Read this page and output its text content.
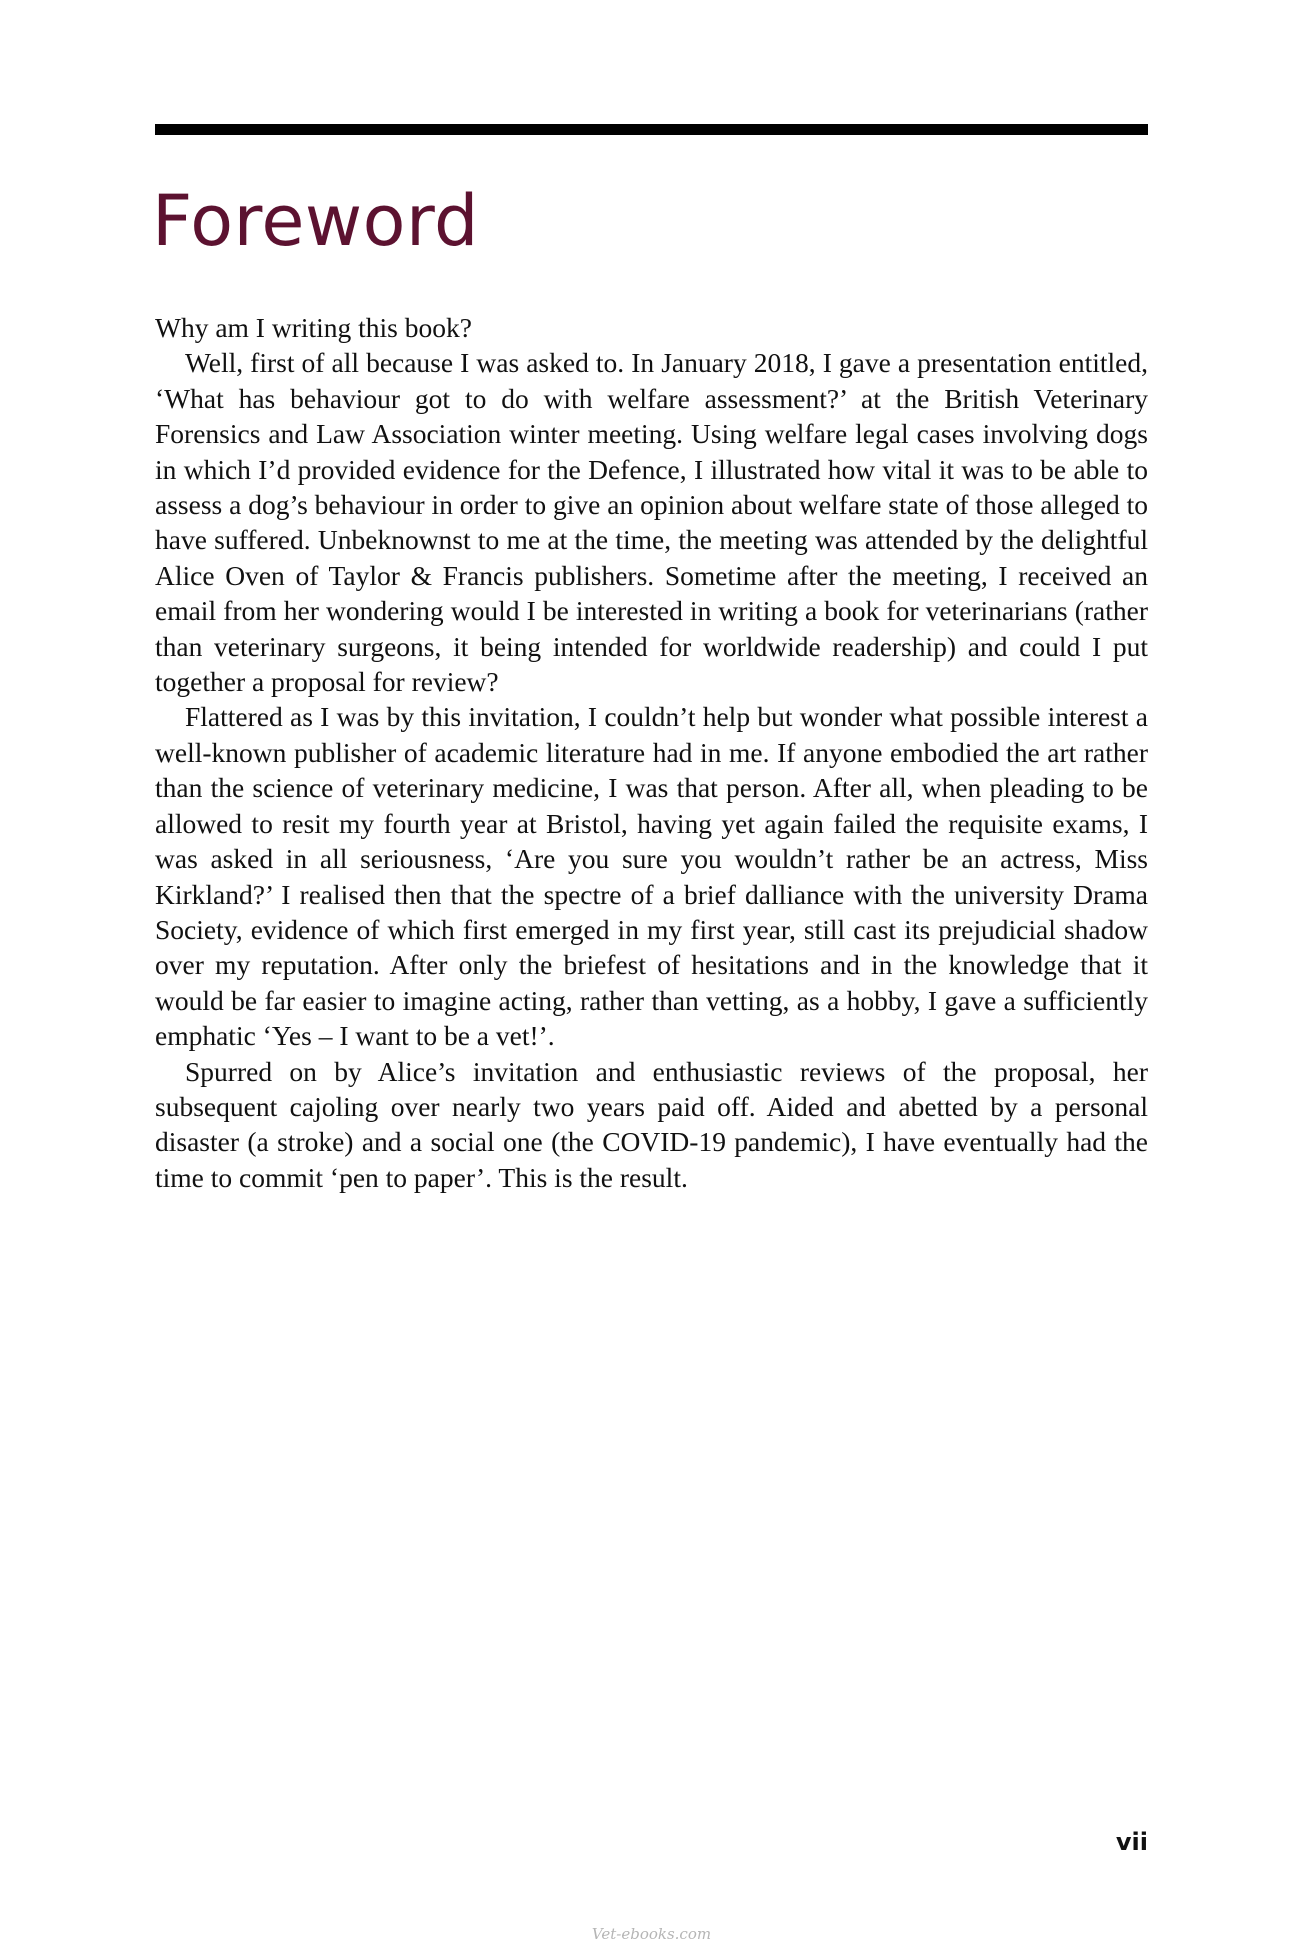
Foreword

Why am I writing this book?

Well, first of all because I was asked to. In January 2018, I gave a presentation entitled, ‘What has behaviour got to do with welfare assessment?’ at the British Veterinary Forensics and Law Association winter meeting. Using welfare legal cases involving dogs in which I’d provided evidence for the Defence, I illustrated how vital it was to be able to assess a dog’s behaviour in order to give an opinion about welfare state of those alleged to have suffered. Unbeknownst to me at the time, the meeting was attended by the delightful Alice Oven of Taylor & Francis publishers. Sometime after the meeting, I received an email from her wondering would I be interested in writing a book for veterinarians (rather than veterinary surgeons, it being intended for worldwide readership) and could I put together a proposal for review?

Flattered as I was by this invitation, I couldn’t help but wonder what possible interest a well-known publisher of academic literature had in me. If anyone embodied the art rather than the science of veterinary medicine, I was that person. After all, when pleading to be allowed to resit my fourth year at Bristol, having yet again failed the requisite exams, I was asked in all seriousness, ‘Are you sure you wouldn’t rather be an actress, Miss Kirkland?’ I realised then that the spectre of a brief dalliance with the university Drama Society, evidence of which first emerged in my first year, still cast its prejudicial shadow over my reputation. After only the briefest of hesitations and in the knowledge that it would be far easier to imagine acting, rather than vetting, as a hobby, I gave a sufficiently emphatic ‘Yes – I want to be a vet!’.

Spurred on by Alice’s invitation and enthusiastic reviews of the proposal, her subsequent cajoling over nearly two years paid off. Aided and abetted by a personal disaster (a stroke) and a social one (the COVID-19 pandemic), I have eventually had the time to commit ‘pen to paper’. This is the result.

vii
Vet-ebooks.com
